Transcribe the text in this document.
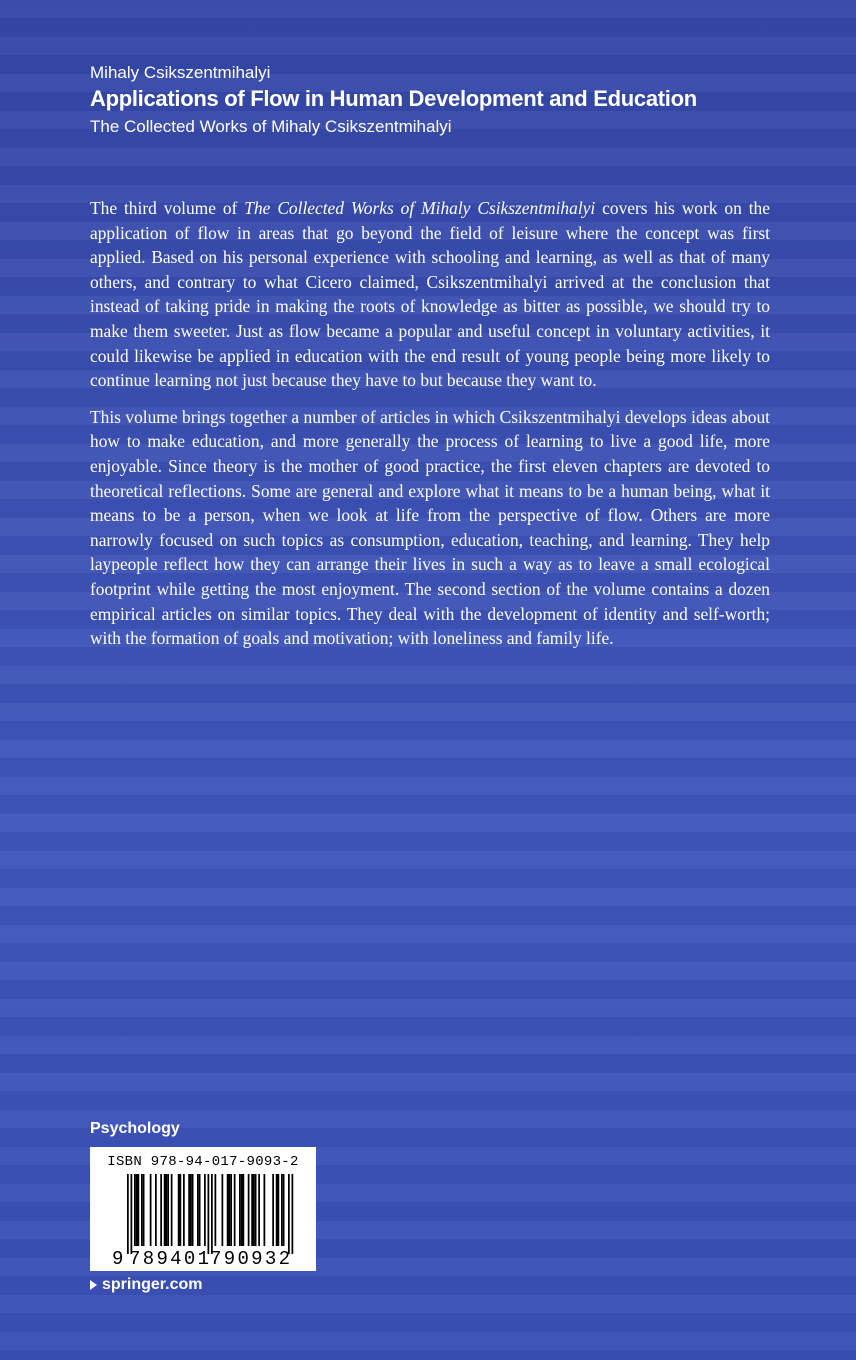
Mihaly Csikszentmihalyi
Applications of Flow in Human Development and Education
The Collected Works of Mihaly Csikszentmihalyi

The third volume of The Collected Works of Mihaly Csikszentmihalyi covers his work on the application of flow in areas that go beyond the field of leisure where the concept was first applied. Based on his personal experience with schooling and learning, as well as that of many others, and contrary to what Cicero claimed, Csikszentmihalyi arrived at the conclusion that instead of taking pride in making the roots of knowledge as bitter as possible, we should try to make them sweeter. Just as flow became a popular and useful concept in voluntary activities, it could likewise be applied in education with the end result of young people being more likely to continue learning not just because they have to but because they want to.

This volume brings together a number of articles in which Csikszentmihalyi develops ideas about how to make education, and more generally the process of learning to live a good life, more enjoyable. Since theory is the mother of good practice, the first eleven chapters are devoted to theoretical reflections. Some are general and explore what it means to be a human being, what it means to be a person, when we look at life from the perspective of flow. Others are more narrowly focused on such topics as consumption, education, teaching, and learning. They help laypeople reflect how they can arrange their lives in such a way as to leave a small ecological footprint while getting the most enjoyment. The second section of the volume contains a dozen empirical articles on similar topics. They deal with the development of identity and self-worth; with the formation of goals and motivation; with loneliness and family life.

Psychology
ISBN 978-94-017-9093-2
9 789401 790932
springer.com
